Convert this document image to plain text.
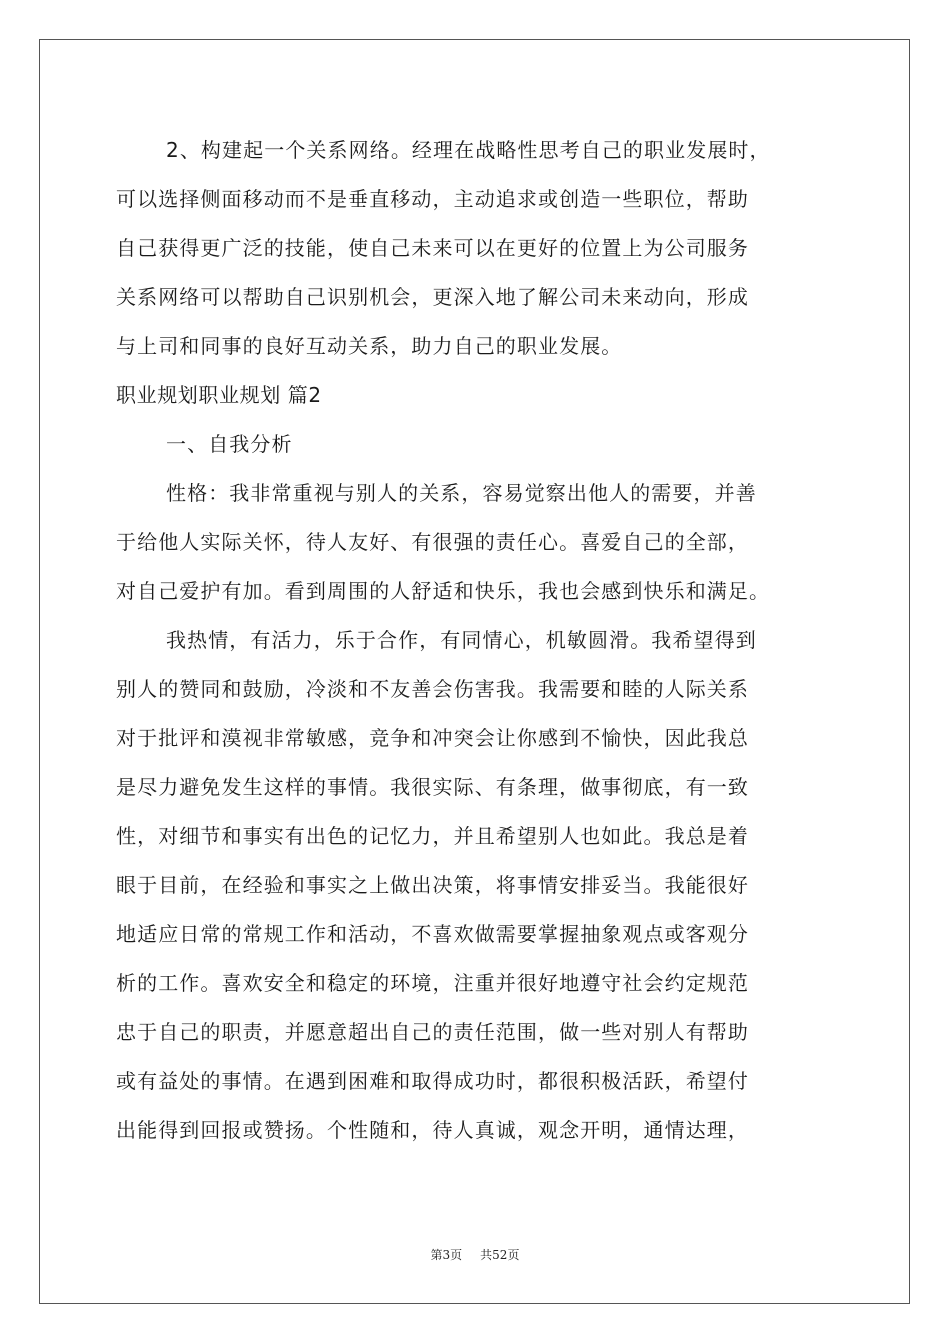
2、构建起一个关系网络。经理在战略性思考自己的职业发展时，
可以选择侧面移动而不是垂直移动，主动追求或创造一些职位，帮助
自己获得更广泛的技能，使自己未来可以在更好的位置上为公司服务
关系网络可以帮助自己识别机会，更深入地了解公司未来动向，形成
与上司和同事的良好互动关系，助力自己的职业发展。
职业规划职业规划 篇2
一、自我分析
性格：我非常重视与别人的关系，容易觉察出他人的需要，并善
于给他人实际关怀，待人友好、有很强的责任心。喜爱自己的全部，
对自己爱护有加。看到周围的人舒适和快乐，我也会感到快乐和满足。
我热情，有活力，乐于合作，有同情心，机敏圆滑。我希望得到
别人的赞同和鼓励，冷淡和不友善会伤害我。我需要和睦的人际关系
对于批评和漠视非常敏感，竞争和冲突会让你感到不愉快，因此我总
是尽力避免发生这样的事情。我很实际、有条理，做事彻底，有一致
性，对细节和事实有出色的记忆力，并且希望别人也如此。我总是着
眼于目前，在经验和事实之上做出决策，将事情安排妥当。我能很好
地适应日常的常规工作和活动，不喜欢做需要掌握抽象观点或客观分
析的工作。喜欢安全和稳定的环境，注重并很好地遵守社会约定规范
忠于自己的职责，并愿意超出自己的责任范围，做一些对别人有帮助
或有益处的事情。在遇到困难和取得成功时，都很积极活跃，希望付
出能得到回报或赞扬。个性随和，待人真诚，观念开明，通情达理，
第3页 共52页
